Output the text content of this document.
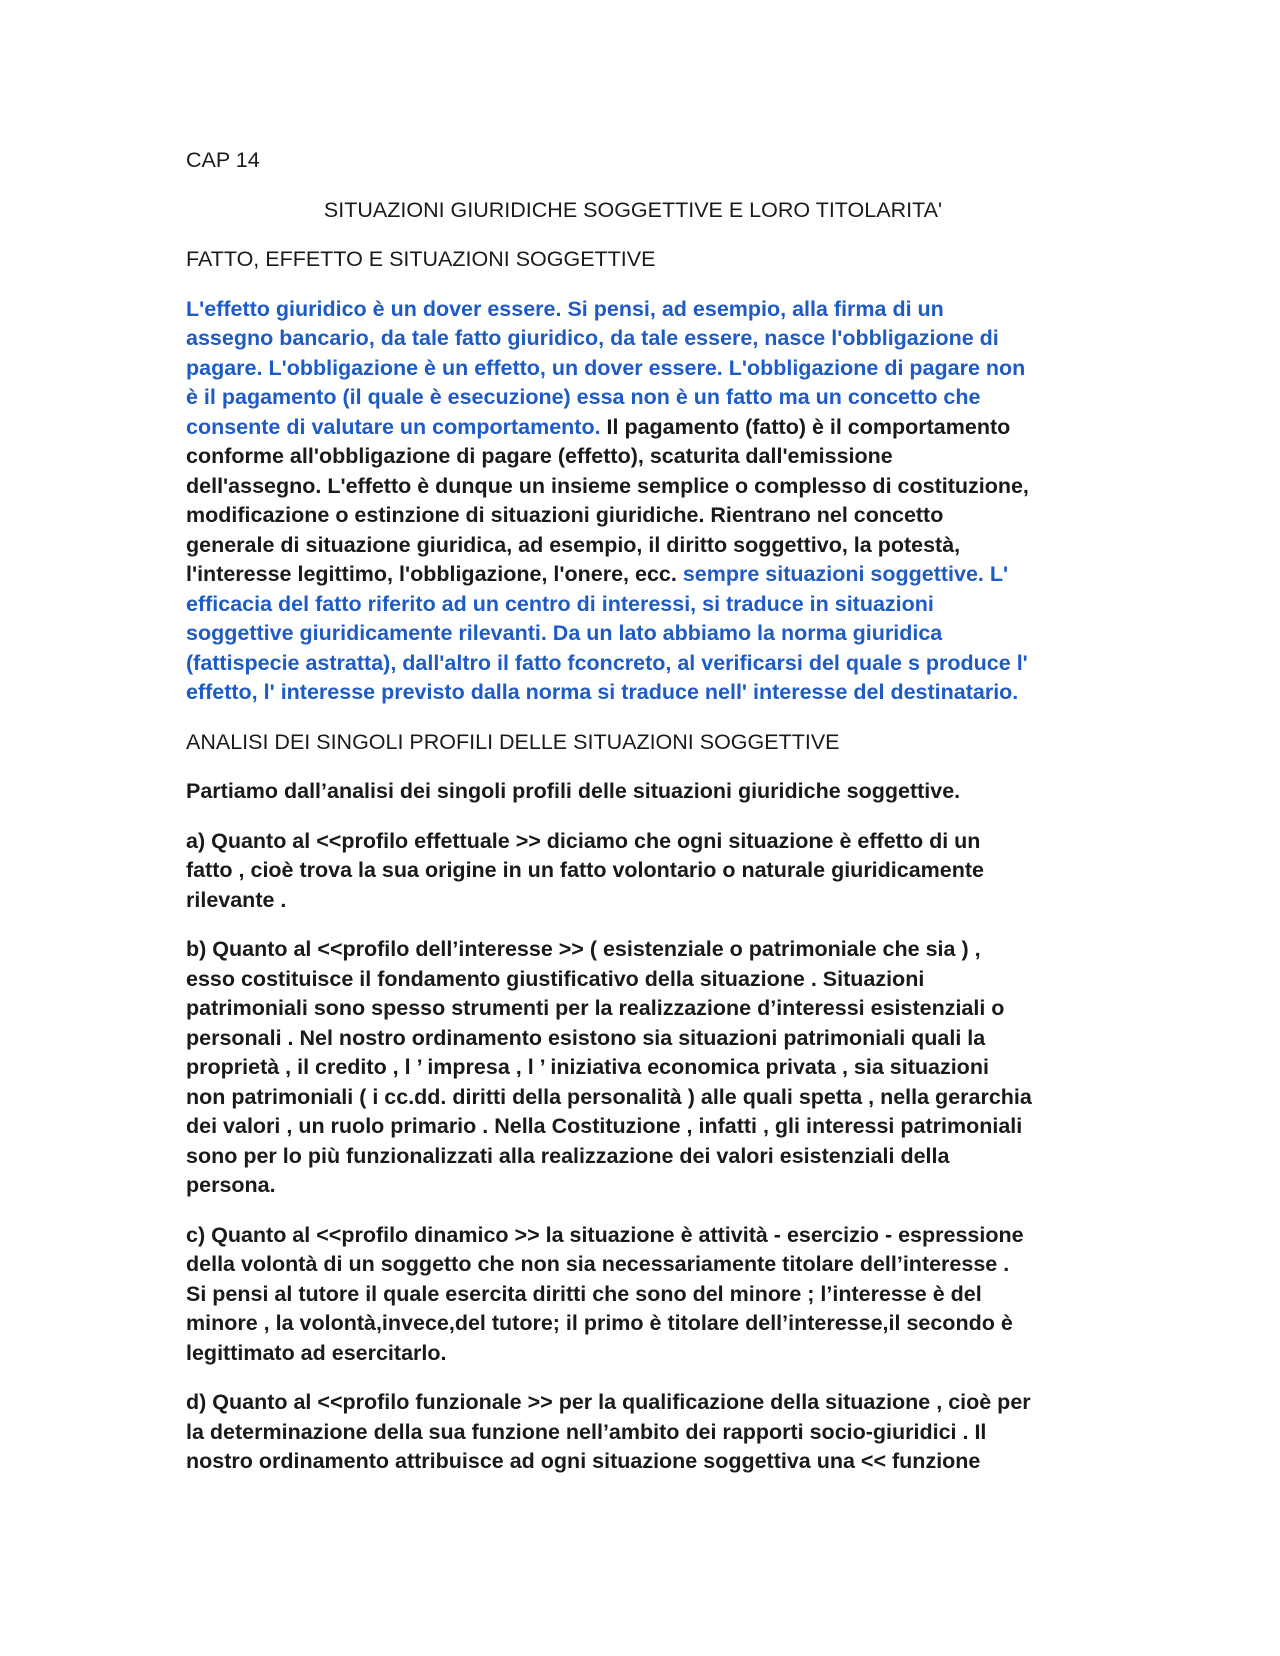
CAP 14
SITUAZIONI GIURIDICHE SOGGETTIVE E LORO TITOLARITA'
FATTO, EFFETTO E SITUAZIONI SOGGETTIVE
L'effetto giuridico è un dover essere. Si pensi, ad esempio, alla firma di un
assegno bancario, da tale fatto giuridico, da tale essere, nasce l'obbligazione di
pagare. L'obbligazione è un effetto, un dover essere. L'obbligazione di pagare non
è il pagamento (il quale è esecuzione) essa non è un fatto ma un concetto che
consente di valutare un comportamento. Il pagamento (fatto) è il comportamento
conforme all'obbligazione di pagare (effetto), scaturita dall'emissione
dell'assegno. L'effetto è dunque un insieme semplice o complesso di costituzione,
modificazione o estinzione di situazioni giuridiche. Rientrano nel concetto
generale di situazione giuridica, ad esempio, il diritto soggettivo, la potestà,
l'interesse legittimo, l'obbligazione, l'onere, ecc. sempre situazioni soggettive. L'
efficacia del fatto riferito ad un centro di interessi, si traduce in situazioni
soggettive giuridicamente rilevanti. Da un lato abbiamo la norma giuridica
(fattispecie astratta), dall'altro il fatto fconcreto, al verificarsi del quale s produce l'
effetto, l' interesse previsto dalla norma si traduce nell' interesse del destinatario.
ANALISI DEI SINGOLI PROFILI DELLE SITUAZIONI SOGGETTIVE
Partiamo dall’analisi dei singoli profili delle situazioni giuridiche soggettive.
a) Quanto al <<profilo effettuale >> diciamo che ogni situazione è effetto di un
fatto , cioè trova la sua origine in un fatto volontario o naturale giuridicamente
rilevante .
b) Quanto al <<profilo dell’interesse >> ( esistenziale o patrimoniale che sia ) ,
esso costituisce il fondamento giustificativo della situazione . Situazioni
patrimoniali sono spesso strumenti per la realizzazione d’interessi esistenziali o
personali . Nel nostro ordinamento esistono sia situazioni patrimoniali quali la
proprietà , il credito , l ’ impresa , l ’ iniziativa economica privata , sia situazioni
non patrimoniali ( i cc.dd. diritti della personalità ) alle quali spetta , nella gerarchia
dei valori , un ruolo primario . Nella Costituzione , infatti , gli interessi patrimoniali
sono per lo più funzionalizzati alla realizzazione dei valori esistenziali della
persona.
c) Quanto al <<profilo dinamico >> la situazione è attività - esercizio - espressione
della volontà di un soggetto che non sia necessariamente titolare dell’interesse .
Si pensi al tutore il quale esercita diritti che sono del minore ; l’interesse è del
minore , la volontà,invece,del tutore; il primo è titolare dell’interesse,il secondo è
legittimato ad esercitarlo.
d) Quanto al <<profilo funzionale >> per la qualificazione della situazione , cioè per
la determinazione della sua funzione nell’ambito dei rapporti socio-giuridici . Il
nostro ordinamento attribuisce ad ogni situazione soggettiva una << funzione
